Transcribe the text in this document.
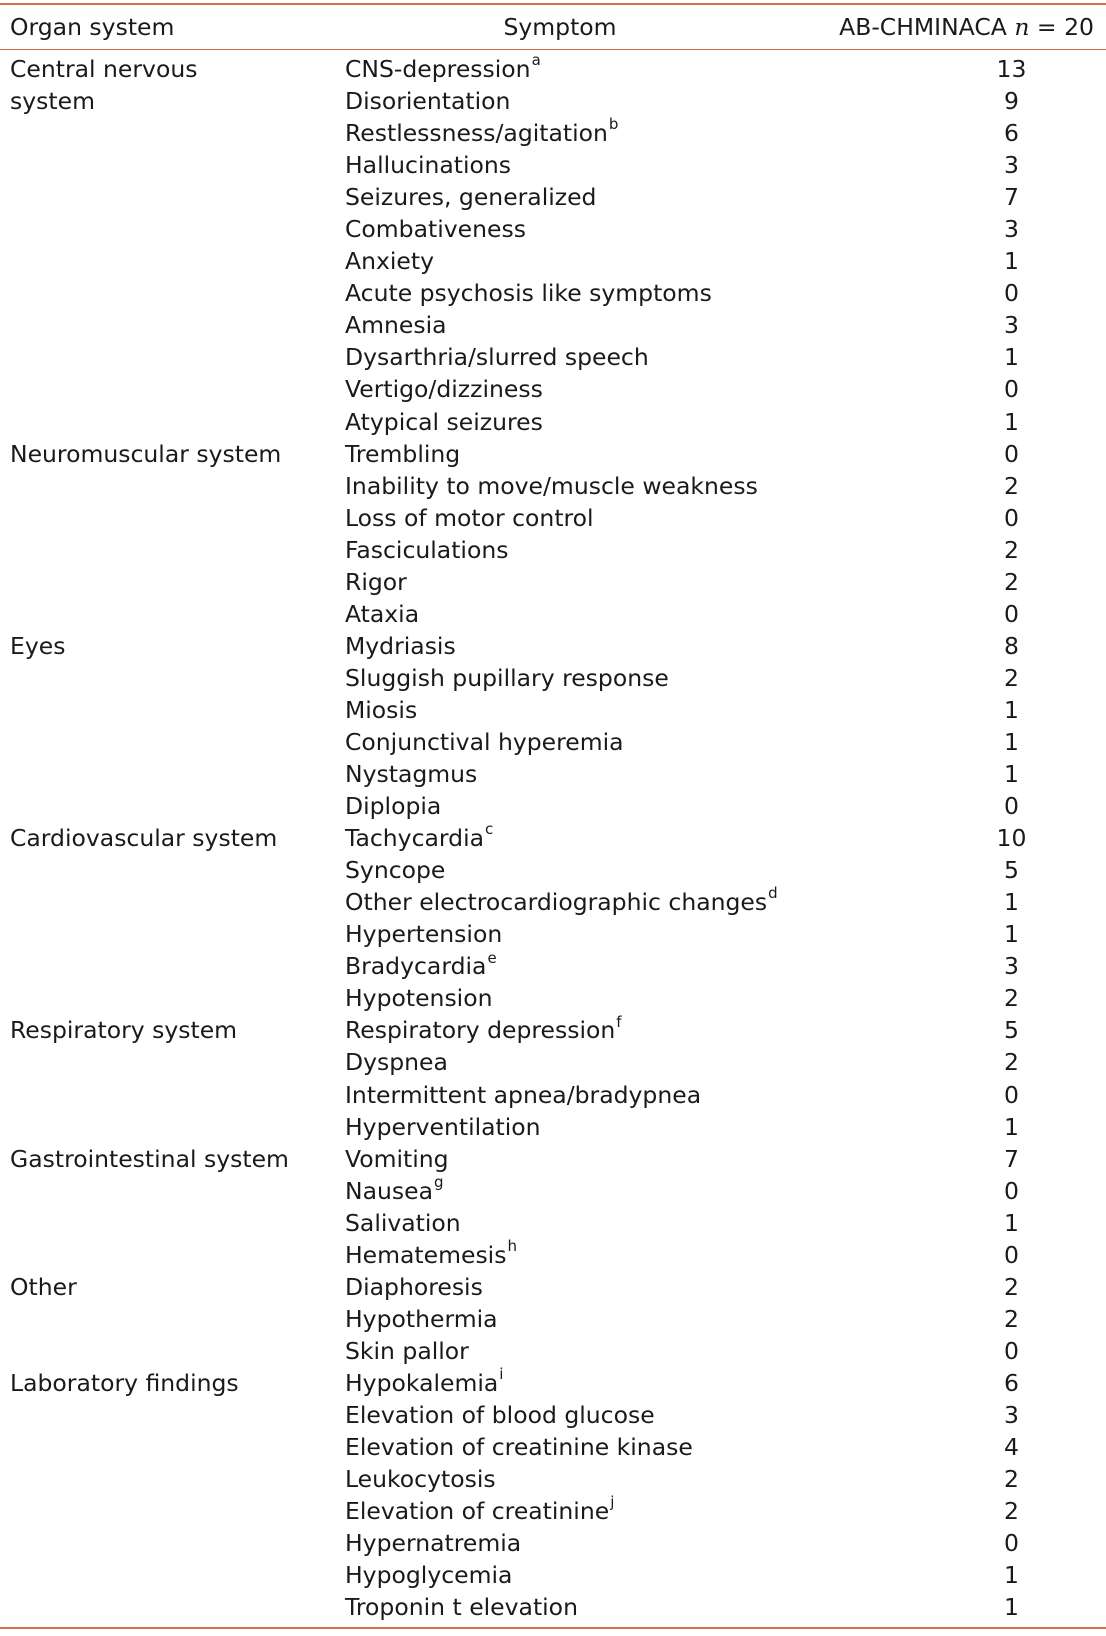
Organ system	Symptom	AB-CHMINACA n = 20
Central nervous system
CNS-depression$^a$	13
Disorientation	9
Restlessness/agitation$^b$	6
Hallucinations	3
Seizures, generalized	7
Combativeness	3
Anxiety	1
Acute psychosis like symptoms	0
Amnesia	3
Dysarthria/slurred speech	1
Vertigo/dizziness	0
Atypical seizures	1
Neuromuscular system	Trembling	0
Inability to move/muscle weakness	2
Loss of motor control	0
Fasciculations	2
Rigor	2
Ataxia	0
Eyes	Mydriasis	8
Sluggish pupillary response	2
Miosis	1
Conjunctival hyperemia	1
Nystagmus	1
Diplopia	0
Cardiovascular system	Tachycardia$^c$	10
Syncope	5
Other electrocardiographic changes$^d$	1
Hypertension	1
Bradycardia$^e$	3
Hypotension	2
Respiratory system	Respiratory depression$^f$	5
Dyspnea	2
Intermittent apnea/bradypnea	0
Hyperventilation	1
Gastrointestinal system	Vomiting	7
Nausea$^g$	0
Salivation	1
Hematemesis$^h$	0
Other	Diaphoresis	2
Hypothermia	2
Skin pallor	0
Laboratory findings	Hypokalemia$^i$	6
Elevation of blood glucose	3
Elevation of creatinine kinase	4
Leukocytosis	2
Elevation of creatinine$^j$	2
Hypernatremia	0
Hypoglycemia	1
Troponin t elevation	1
